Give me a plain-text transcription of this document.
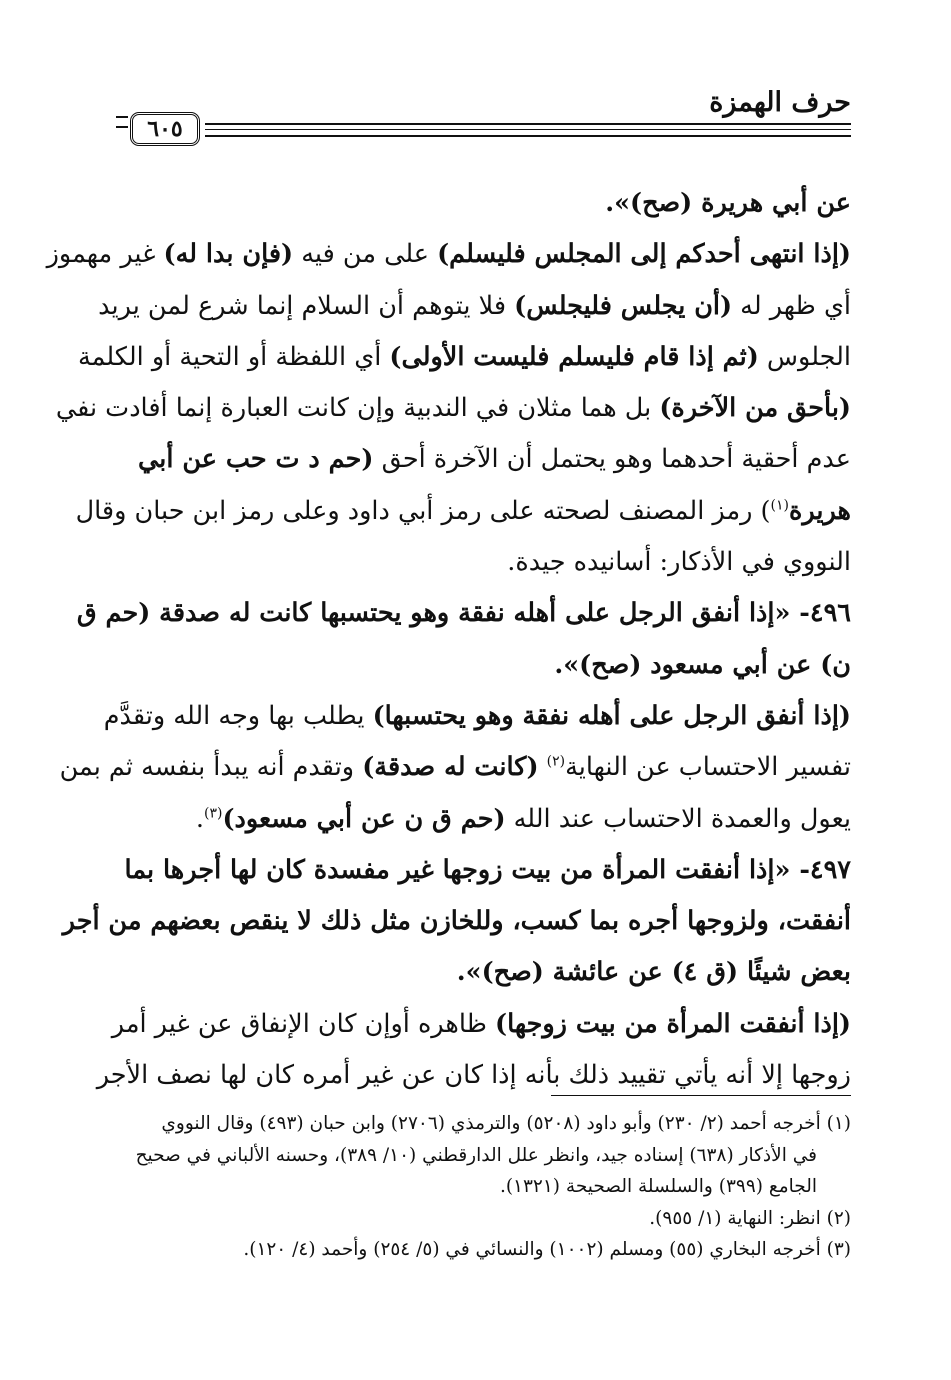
حرف الهمزة
٦٠٥
عن أبي هريرة (صح)».
(إذا انتهى أحدكم إلى المجلس فليسلم) على من فيه (فإن بدا له) غير مهموز
أي ظهر له (أن يجلس فليجلس) فلا يتوهم أن السلام إنما شرع لمن يريد
الجلوس (ثم إذا قام فليسلم فليست الأولى) أي اللفظة أو التحية أو الكلمة
(بأحق من الآخرة) بل هما مثلان في الندبية وإن كانت العبارة إنما أفادت نفي
عدم أحقية أحدهما وهو يحتمل أن الآخرة أحق (حم د ت حب عن أبي
هريرة$^{(١)}$) رمز المصنف لصحته على رمز أبي داود وعلى رمز ابن حبان وقال
النووي في الأذكار: أسانيده جيدة.
٤٩٦- «إذا أنفق الرجل على أهله نفقة وهو يحتسبها كانت له صدقة (حم ق
ن) عن أبي مسعود (صح)».
(إذا أنفق الرجل على أهله نفقة وهو يحتسبها) يطلب بها وجه الله وتقدَّم
تفسير الاحتساب عن النهاية$^{(٢)}$ (كانت له صدقة) وتقدم أنه يبدأ بنفسه ثم بمن
يعول والعمدة الاحتساب عند الله (حم ق ن عن أبي مسعود)$^{(٣)}$.
٤٩٧- «إذا أنفقت المرأة من بيت زوجها غير مفسدة كان لها أجرها بما
أنفقت، ولزوجها أجره بما كسب، وللخازن مثل ذلك لا ينقص بعضهم من أجر
بعض شيئًا (ق ٤) عن عائشة (صح)».
(إذا أنفقت المرأة من بيت زوجها) ظاهره أوإن كان الإنفاق عن غير أمر
زوجها إلا أنه يأتي تقييد ذلك بأنه إذا كان عن غير أمره كان لها نصف الأجر
(١) أخرجه أحمد (٢/ ٢٣٠) وأبو داود (٥٢٠٨) والترمذي (٢٧٠٦) وابن حبان (٤٩٣) وقال النووي
في الأذكار (٦٣٨) إسناده جيد، وانظر علل الدارقطني (١٠/ ٣٨٩)، وحسنه الألباني في صحيح
الجامع (٣٩٩) والسلسلة الصحيحة (١٣٢١).
(٢) انظر: النهاية (١/ ٩٥٥).
(٣) أخرجه البخاري (٥٥) ومسلم (١٠٠٢) والنسائي في (٥/ ٢٥٤) وأحمد (٤/ ١٢٠).
